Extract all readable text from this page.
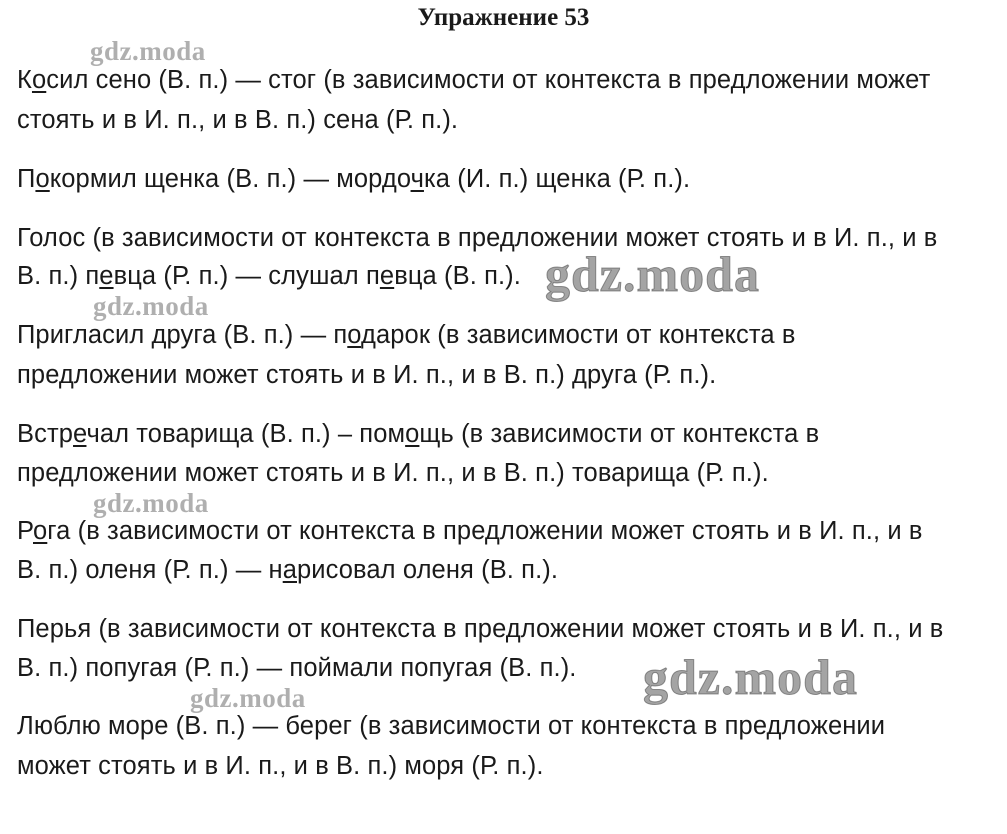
Упражнение 53
gdz.moda
gdz.moda
gdz.moda
gdz.moda
gdz.moda
gdz.moda
Косил сено (В. п.) — стог (в зависимости от контекста в предложении может
стоять и в И. п., и в В. п.) сена (Р. п.).
Покормил щенка (В. п.) — мордочка (И. п.) щенка (Р. п.).
Голос (в зависимости от контекста в предложении может стоять и в И. п., и в
В. п.) певца (Р. п.) — слушал певца (В. п.).
Пригласил друга (В. п.) — подарок (в зависимости от контекста в
предложении может стоять и в И. п., и в В. п.) друга (Р. п.).
Встречал товарища (В. п.) – помощь (в зависимости от контекста в
предложении может стоять и в И. п., и в В. п.) товарища (Р. п.).
Рога (в зависимости от контекста в предложении может стоять и в И. п., и в
В. п.) оленя (Р. п.) — нарисовал оленя (В. п.).
Перья (в зависимости от контекста в предложении может стоять и в И. п., и в
В. п.) попугая (Р. п.) — поймали попугая (В. п.).
Люблю море (В. п.) — берег (в зависимости от контекста в предложении
может стоять и в И. п., и в В. п.) моря (Р. п.).
